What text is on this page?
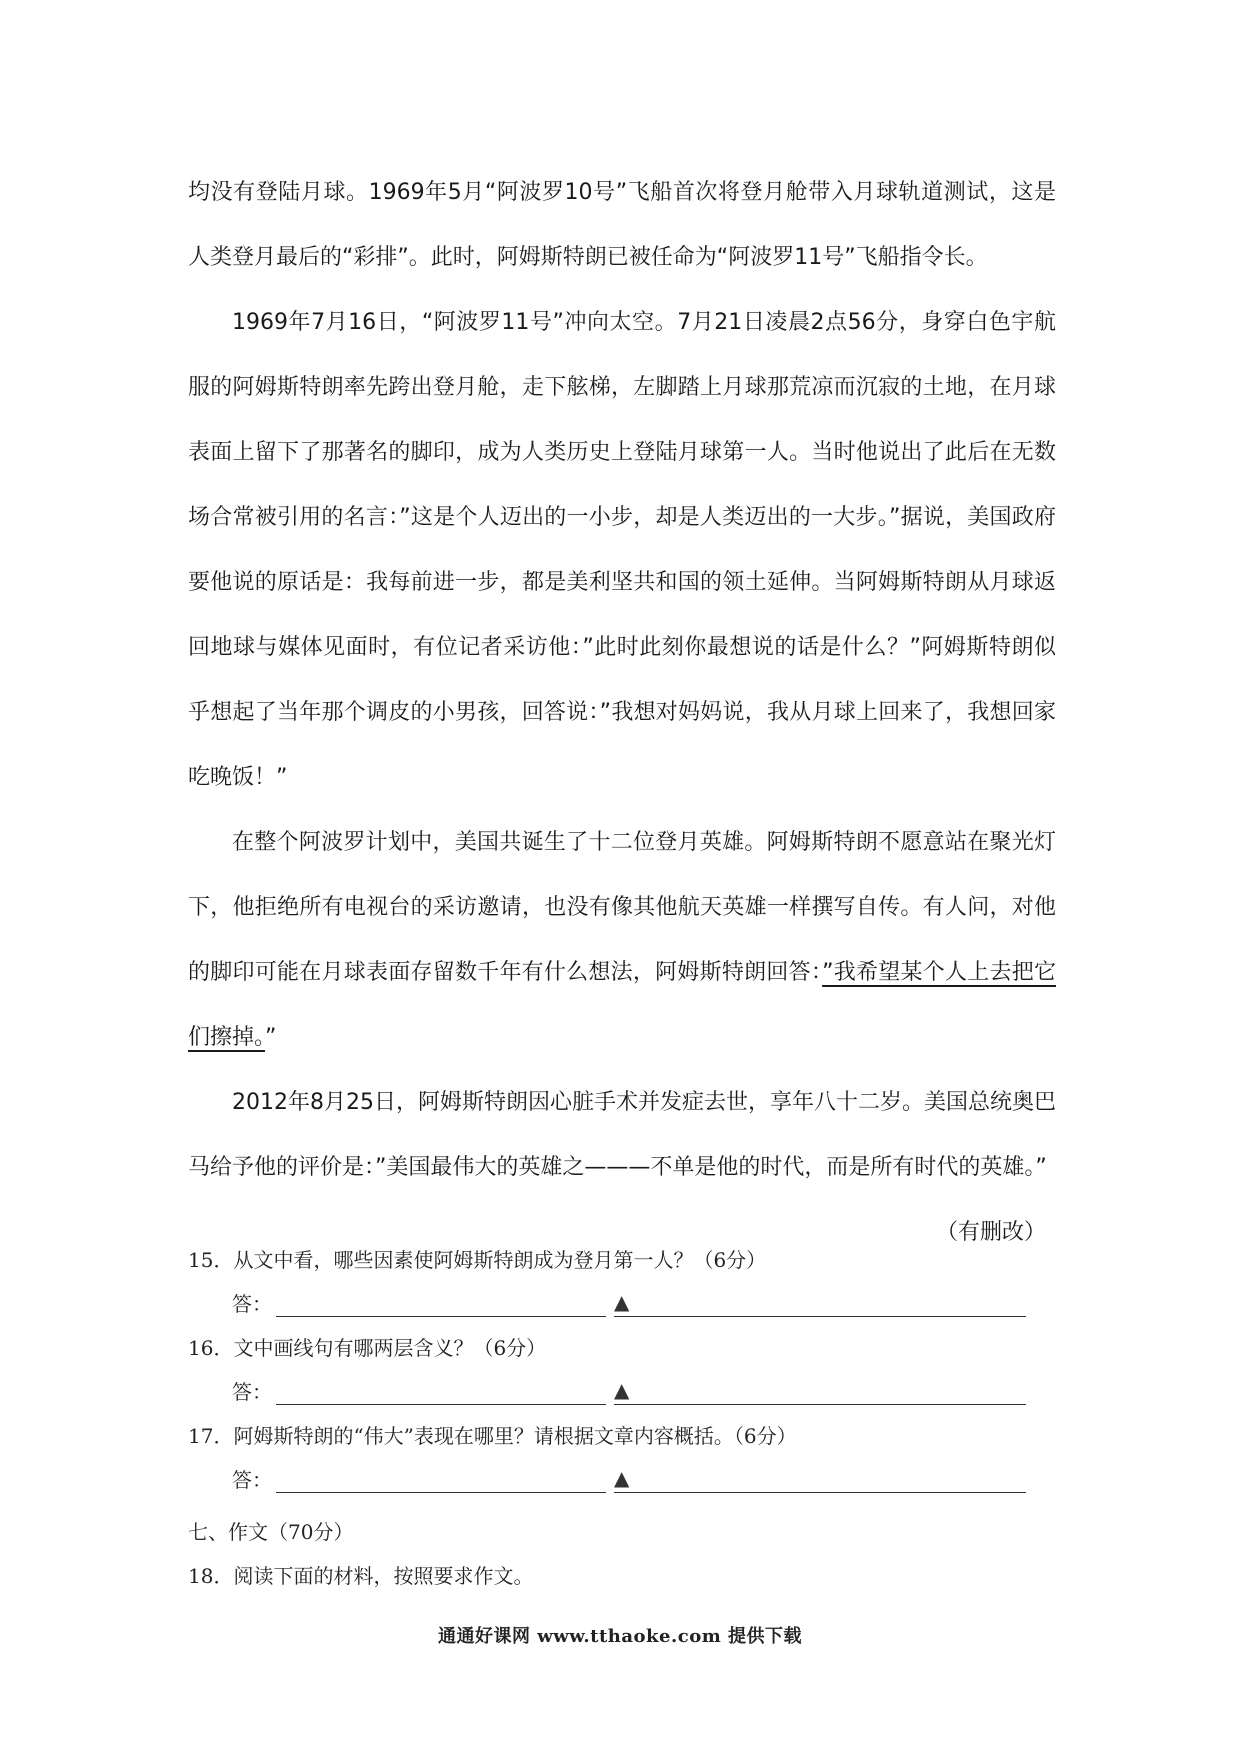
均没有登陆月球。1969年5月“阿波罗10号”飞船首次将登月舱带入月球轨道测试，这是人类登月最后的“彩排”。此时，阿姆斯特朗已被任命为“阿波罗11号”飞船指令长。

1969年7月16日，“阿波罗11号”冲向太空。7月21日凌晨2点56分，身穿白色宇航服的阿姆斯特朗率先跨出登月舱，走下舷梯，左脚踏上月球那荒凉而沉寂的土地，在月球表面上留下了那著名的脚印，成为人类历史上登陆月球第一人。当时他说出了此后在无数场合常被引用的名言：”这是个人迈出的一小步，却是人类迈出的一大步。”据说，美国政府要他说的原话是：我每前进一步，都是美利坚共和国的领土延伸。当阿姆斯特朗从月球返回地球与媒体见面时，有位记者采访他：”此时此刻你最想说的话是什么？”阿姆斯特朗似乎想起了当年那个调皮的小男孩，回答说：”我想对妈妈说，我从月球上回来了，我想回家吃晚饭！”

在整个阿波罗计划中，美国共诞生了十二位登月英雄。阿姆斯特朗不愿意站在聚光灯下，他拒绝所有电视台的采访邀请，也没有像其他航天英雄一样撰写自传。有人问，对他的脚印可能在月球表面存留数千年有什么想法，阿姆斯特朗回答：”我希望某个人上去把它们擦掉。”

2012年8月25日，阿姆斯特朗因心脏手术并发症去世，享年八十二岁。美国总统奥巴马给予他的评价是：”美国最伟大的英雄之———不单是他的时代，而是所有时代的英雄。”

（有删改）

15．从文中看，哪些因素使阿姆斯特朗成为登月第一人？（6分）
答：	▲
16．文中画线句有哪两层含义？（6分）
答：	▲
17．阿姆斯特朗的“伟大”表现在哪里？请根据文章内容概括。（6分）
答：	▲
七、作文（70分）
18．阅读下面的材料，按照要求作文。
通通好课网 www.tthaoke.com 提供下载
